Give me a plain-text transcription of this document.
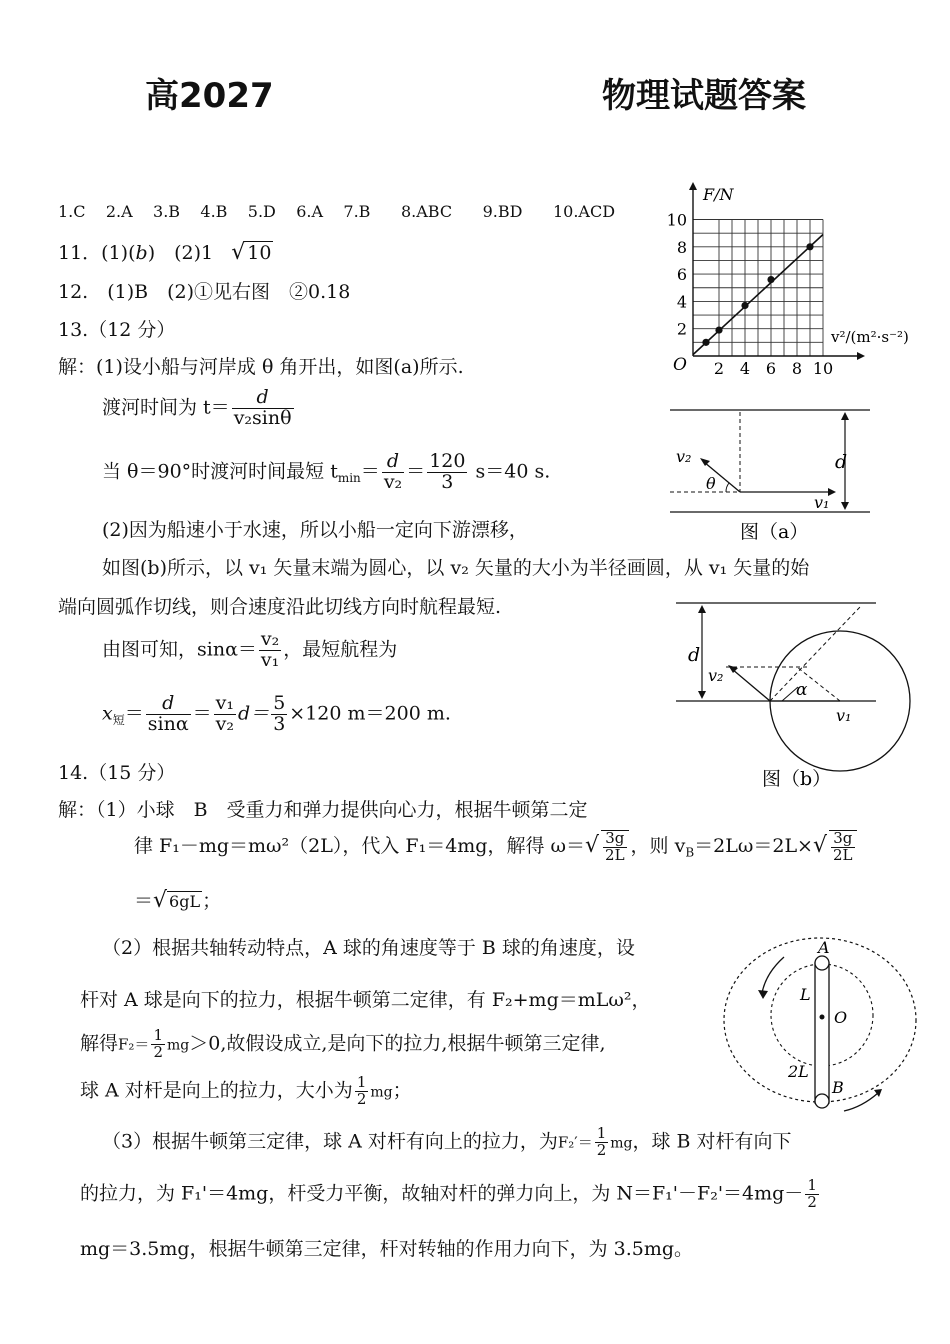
高2027	物理试题答案
1.C 2.A 3.B 4.B 5.D 6.A 7.B 8.ABC 9.BD 10.ACD
11．(1)(b)　(2)1 √ 10
12.　(1)B　(2)①见右图　②0.18
13.（12 分）
解：(1)设小船与河岸成 θ 角开出，如图(a)所示.
渡河时间为 $t= \frac{d}{\text{v₂sinθ}}$
当 θ＝90°时渡河时间最短 $t_{min}= \frac{d}{\text{v₂}} = \frac{120}{3} s=40$ s.
(2)因为船速小于水速，所以小船一定向下游漂移，
如图(b)所示，以 v₁ 矢量末端为圆心，以 v₂ 矢量的大小为半径画圆，从 v₁ 矢量的始
端向圆弧作切线，则合速度沿此切线方向时航程最短.
由图可知，$\sin\alpha= \frac{\text{v₂}}{\text{v₁}}$ ，最短航程为
$x_短= \frac{d}{\sin\alpha} = \frac{\text{v₁}}{\text{v₂}} d= \frac{5}{3} \times 120$ m＝200 m.
14.（15 分）
解：（1）小球　B　受重力和弹力提供向心力，根据牛顿第二定
律 F₁－mg＝mω²（2L），代入 F₁＝4mg，解得 $\omega=√ \frac{3g}{2L}$ ，则 $v_B=2L\omega=2L\times√ \frac{3g}{2L}$
＝√ 6gL ；
（2）根据共轴转动特点，A 球的角速度等于 B 球的角速度，设
杆对 A 球是向下的拉力，根据牛顿第二定律，有 F₂+mg＝mLω²，
解得$F_2= \frac{1}{2} mg>0$,故假设成立,是向下的拉力,根据牛顿第三定律,
球 A 对杆是向上的拉力，大小为 $\frac{1}{2}$ mg；
（3）根据牛顿第三定律，球 A 对杆有向上的拉力，为$F_2'= \frac{1}{2}$ mg，球 B 对杆有向下
的拉力，为 F₁'＝4mg，杆受力平衡，故轴对杆的弹力向上，为 $N=F_1'-F_2'=4mg- \frac{1}{2}$
mg＝3.5mg，根据牛顿第三定律，杆对转轴的作用力向下，为 3.5mg。
F/N
v²/(m²·s⁻²)
O
10
8
6
4
2
2 4 6 8 10
v₂
θ
v₁
d
图（a）
d
v₂
α
v₁
图（b）
A
L
O
2L
B
